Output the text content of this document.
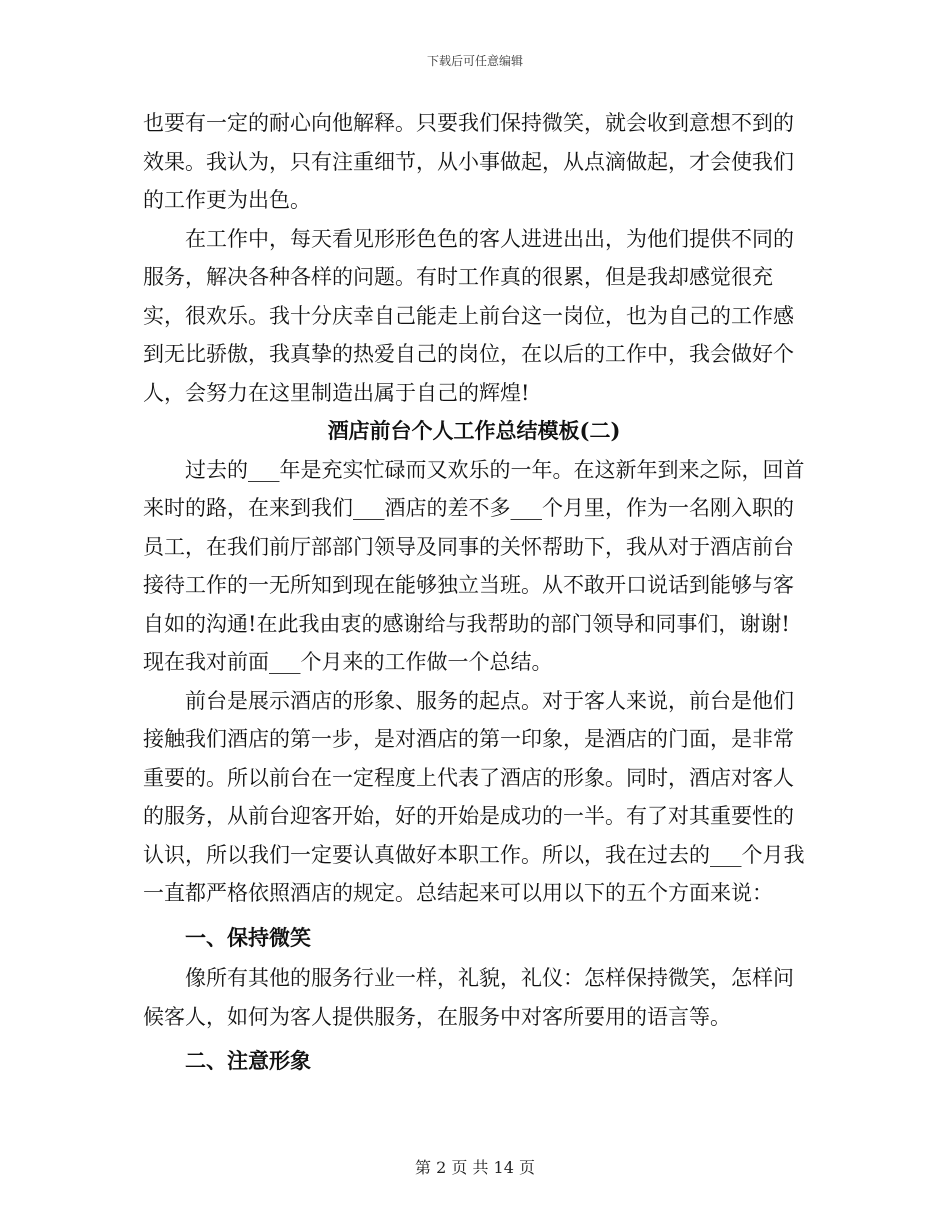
下载后可任意编辑

也要有一定的耐心向他解释。只要我们保持微笑，就会收到意想不到的效果。我认为，只有注重细节，从小事做起，从点滴做起，才会使我们的工作更为出色。

在工作中，每天看见形形色色的客人进进出出，为他们提供不同的服务，解决各种各样的问题。有时工作真的很累，但是我却感觉很充实，很欢乐。我十分庆幸自己能走上前台这一岗位，也为自己的工作感到无比骄傲，我真挚的热爱自己的岗位，在以后的工作中，我会做好个人，会努力在这里制造出属于自己的辉煌!

酒店前台个人工作总结模板(二)

过去的___年是充实忙碌而又欢乐的一年。在这新年到来之际，回首来时的路，在来到我们___酒店的差不多___个月里，作为一名刚入职的员工，在我们前厅部部门领导及同事的关怀帮助下，我从对于酒店前台接待工作的一无所知到现在能够独立当班。从不敢开口说话到能够与客自如的沟通!在此我由衷的感谢给与我帮助的部门领导和同事们，谢谢!现在我对前面___个月来的工作做一个总结。

前台是展示酒店的形象、服务的起点。对于客人来说，前台是他们接触我们酒店的第一步，是对酒店的第一印象，是酒店的门面，是非常重要的。所以前台在一定程度上代表了酒店的形象。同时，酒店对客人的服务，从前台迎客开始，好的开始是成功的一半。有了对其重要性的认识，所以我们一定要认真做好本职工作。所以，我在过去的___个月我一直都严格依照酒店的规定。总结起来可以用以下的五个方面来说：

一、保持微笑

像所有其他的服务行业一样，礼貌，礼仪：怎样保持微笑，怎样问候客人，如何为客人提供服务，在服务中对客所要用的语言等。

二、注意形象

第 2 页 共 14 页
